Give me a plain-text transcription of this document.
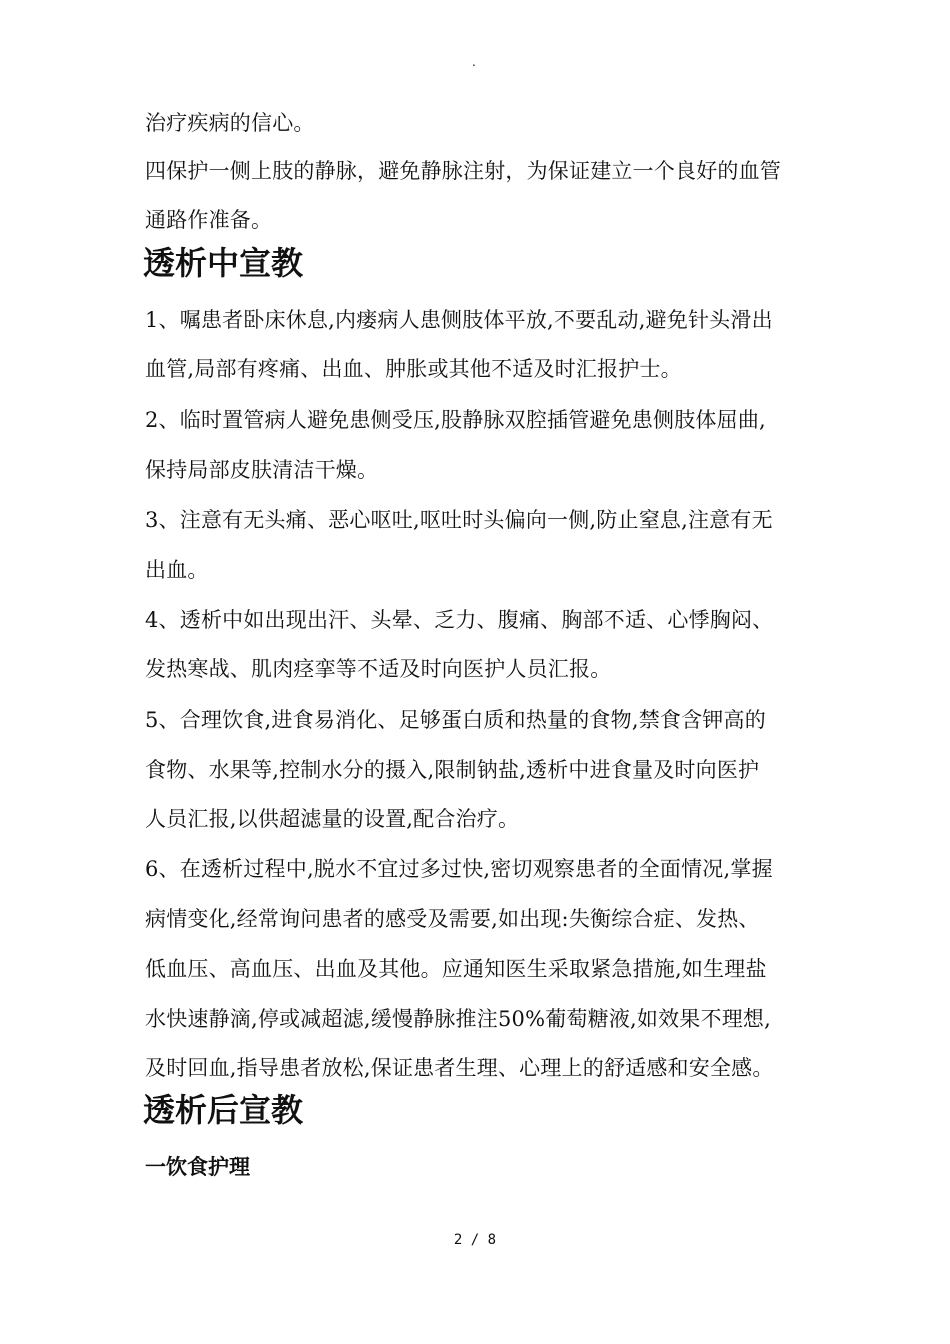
.
治疗疾病的信心。
四保护一侧上肢的静脉，避免静脉注射，为保证建立一个良好的血管
通路作准备。
透析中宣教
1、嘱患者卧床休息,内瘘病人患侧肢体平放,不要乱动,避免针头滑出
血管,局部有疼痛、出血、肿胀或其他不适及时汇报护士。
2、临时置管病人避免患侧受压,股静脉双腔插管避免患侧肢体屈曲,
保持局部皮肤清洁干燥。
3、注意有无头痛、恶心呕吐,呕吐时头偏向一侧,防止窒息,注意有无
出血。
4、透析中如出现出汗、头晕、乏力、腹痛、胸部不适、心悸胸闷、
发热寒战、肌肉痉挛等不适及时向医护人员汇报。
5、合理饮食,进食易消化、足够蛋白质和热量的食物,禁食含钾高的
食物、水果等,控制水分的摄入,限制钠盐,透析中进食量及时向医护
人员汇报,以供超滤量的设置,配合治疗。
6、在透析过程中,脱水不宜过多过快,密切观察患者的全面情况,掌握
病情变化,经常询问患者的感受及需要,如出现:失衡综合症、发热、
低血压、高血压、出血及其他。应通知医生采取紧急措施,如生理盐
水快速静滴,停或减超滤,缓慢静脉推注50%葡萄糖液,如效果不理想,
及时回血,指导患者放松,保证患者生理、心理上的舒适感和安全感。
透析后宣教
一饮食护理
2 / 8
